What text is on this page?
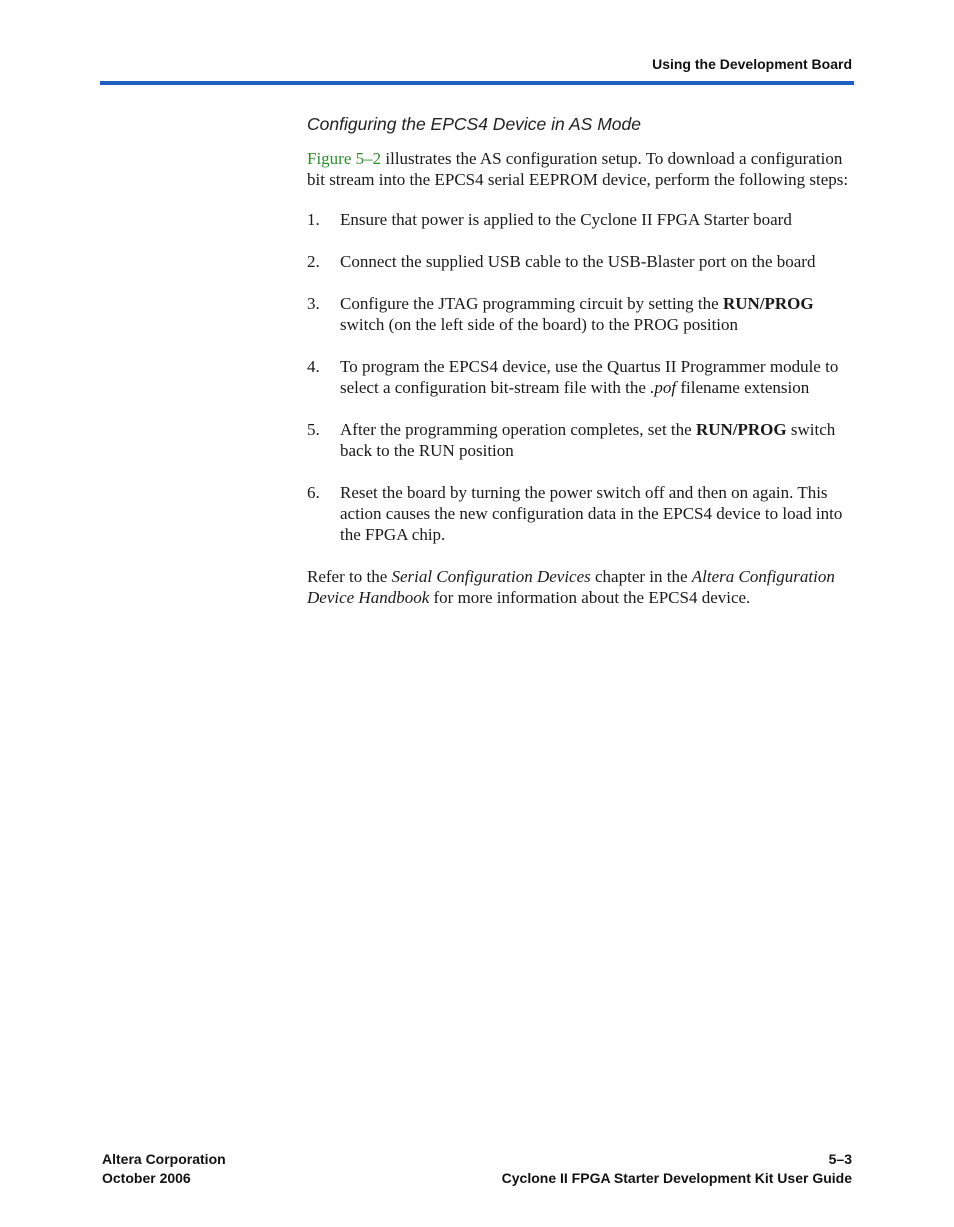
Using the Development Board
Configuring the EPCS4 Device in AS Mode

Figure 5–2 illustrates the AS configuration setup. To download a configuration bit stream into the EPCS4 serial EEPROM device, perform the following steps:

1. Ensure that power is applied to the Cyclone II FPGA Starter board
2. Connect the supplied USB cable to the USB-Blaster port on the board
3. Configure the JTAG programming circuit by setting the RUN/PROG switch (on the left side of the board) to the PROG position
4. To program the EPCS4 device, use the Quartus II Programmer module to select a configuration bit-stream file with the .pof filename extension
5. After the programming operation completes, set the RUN/PROG switch back to the RUN position
6. Reset the board by turning the power switch off and then on again. This action causes the new configuration data in the EPCS4 device to load into the FPGA chip.

Refer to the Serial Configuration Devices chapter in the Altera Configuration Device Handbook for more information about the EPCS4 device.

Altera Corporation
October 2006
5–3
Cyclone II FPGA Starter Development Kit User Guide
